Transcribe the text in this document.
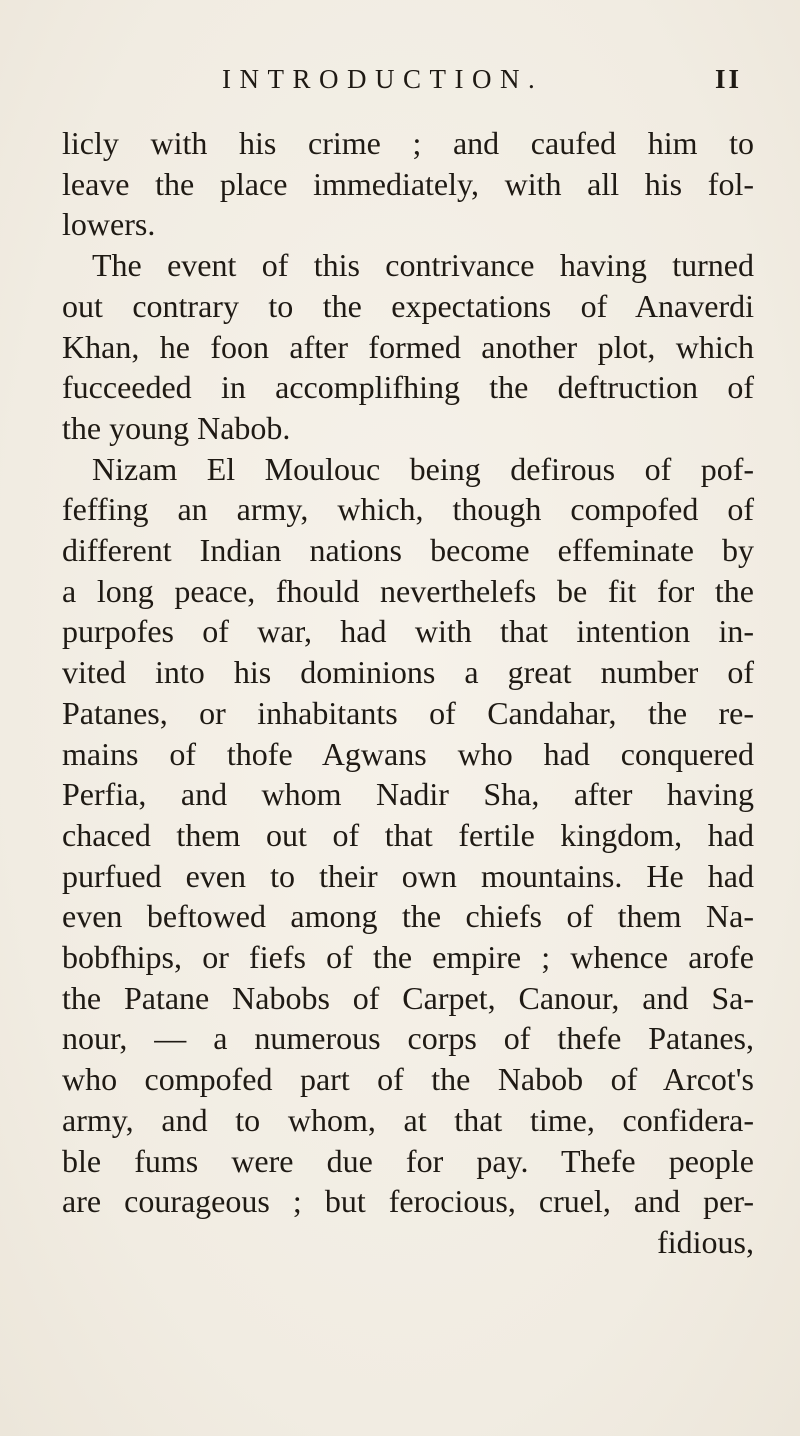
INTRODUCTION.	II
licly with his crime ; and caufed him to
leave the place immediately, with all his fol-
lowers.
The event of this contrivance having turned
out contrary to the expectations of Anaverdi
Khan, he foon after formed another plot, which
fucceeded in accomplifhing the deftruction of
the young Nabob.
Nizam El Moulouc being defirous of pof-
feffing an army, which, though compofed of
different Indian nations become effeminate by
a long peace, fhould neverthelefs be fit for the
purpofes of war, had with that intention in-
vited into his dominions a great number of
Patanes, or inhabitants of Candahar, the re-
mains of thofe Agwans who had conquered
Perfia, and whom Nadir Sha, after having
chaced them out of that fertile kingdom, had
purfued even to their own mountains. He had
even beftowed among the chiefs of them Na-
bobfhips, or fiefs of the empire ; whence arofe
the Patane Nabobs of Carpet, Canour, and Sa-
nour, — a numerous corps of thefe Patanes,
who compofed part of the Nabob of Arcot's
army, and to whom, at that time, confidera-
ble fums were due for pay. Thefe people
are courageous ; but ferocious, cruel, and per-
fidious,
